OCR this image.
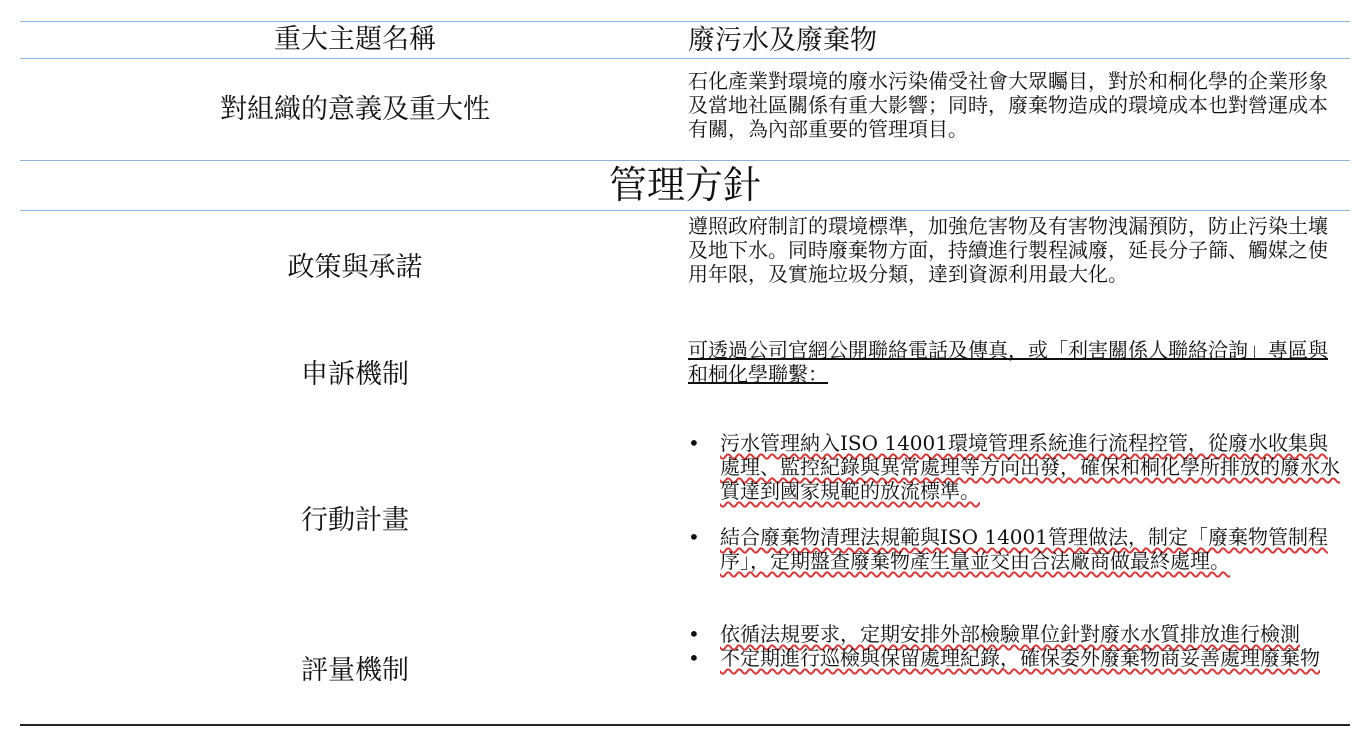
重大主題名稱	廢污水及廢棄物
對組織的意義及重大性
石化產業對環境的廢水污染備受社會大眾矚目，對於和桐化學的企業形象及當地社區關係有重大影響；同時，廢棄物造成的環境成本也對營運成本有關，為內部重要的管理項目。
管理方針
政策與承諾
遵照政府制訂的環境標準，加強危害物及有害物洩漏預防，防止污染土壤及地下水。同時廢棄物方面，持續進行製程減廢，延長分子篩、觸媒之使用年限，及實施垃圾分類，達到資源利用最大化。
申訴機制
可透過公司官網公開聯絡電話及傳真，或「利害關係人聯絡洽詢」專區與和桐化學聯繫：
行動計畫
• 污水管理納入ISO 14001環境管理系統進行流程控管，從廢水收集與處理、監控紀錄與異常處理等方向出發，確保和桐化學所排放的廢水水質達到國家規範的放流標準。
• 結合廢棄物清理法規範與ISO 14001管理做法，制定「廢棄物管制程序」，定期盤查廢棄物產生量並交由合法廠商做最終處理。
評量機制
• 依循法規要求，定期安排外部檢驗單位針對廢水水質排放進行檢測
• 不定期進行巡檢與保留處理紀錄，確保委外廢棄物商妥善處理廢棄物
